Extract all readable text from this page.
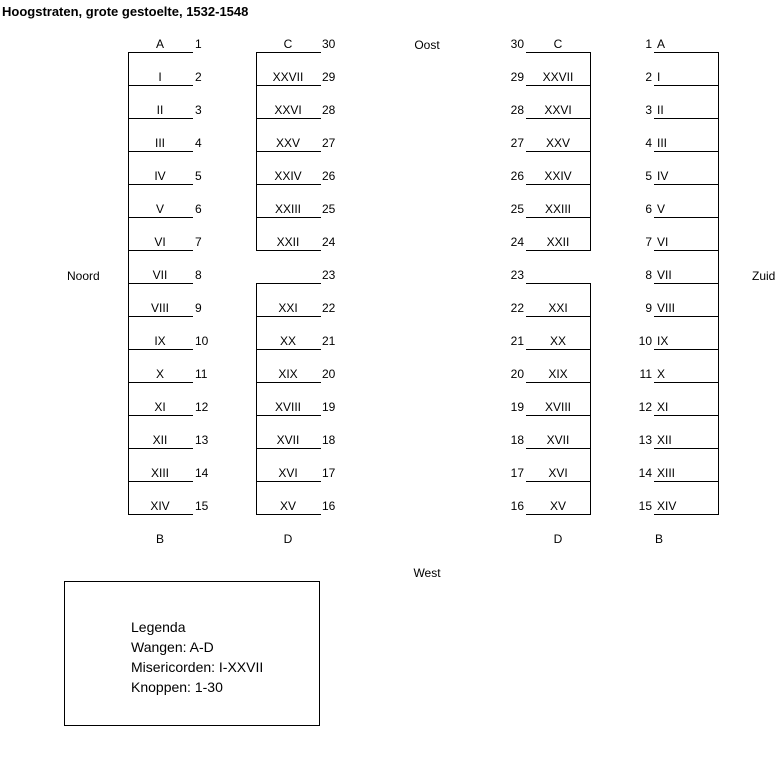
Hoogstraten, grote gestoelte, 1532-1548
A
I
II
III
IV
V
VI
VII
VIII
IX
X
XI
XII
XIII
XIV
B
1
2
3
4
5
6
7
8
9
10
11
12
13
14
15
C
XXVII
XXVI
XXV
XXIV
XXIII
XXII
XXI
XX
XIX
XVIII
XVII
XVI
XV
D
30
29
28
27
26
25
24
23
22
21
20
19
18
17
16
C
XXVII
XXVI
XXV
XXIV
XXIII
XXII
XXI
XX
XIX
XVIII
XVII
XVI
XV
D
30
29
28
27
26
25
24
23
22
21
20
19
18
17
16
A
I
II
III
IV
V
VI
VII
VIII
IX
X
XI
XII
XIII
XIV
B
1
2
3
4
5
6
7
8
9
10
11
12
13
14
15
Noord
Oost
Zuid
West
Legenda
Wangen: A-D
Misericorden: I-XXVII
Knoppen: 1-30
